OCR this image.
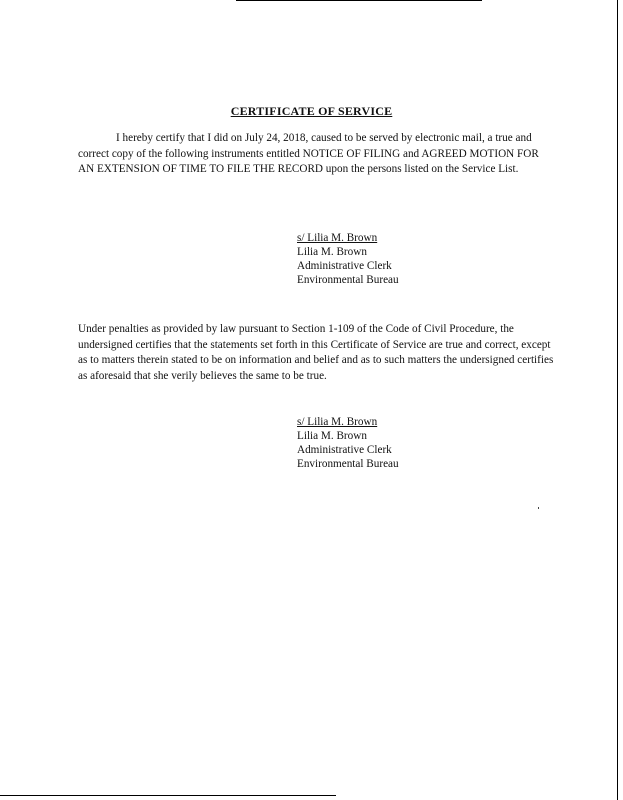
CERTIFICATE OF SERVICE

I hereby certify that I did on July 24, 2018, caused to be served by electronic mail, a true and correct copy of the following instruments entitled NOTICE OF FILING and AGREED MOTION FOR AN EXTENSION OF TIME TO FILE THE RECORD upon the persons listed on the Service List.

s/ Lilia M. Brown
Lilia M. Brown
Administrative Clerk
Environmental Bureau

Under penalties as provided by law pursuant to Section 1-109 of the Code of Civil Procedure, the undersigned certifies that the statements set forth in this Certificate of Service are true and correct, except as to matters therein stated to be on information and belief and as to such matters the undersigned certifies as aforesaid that she verily believes the same to be true.

s/ Lilia M. Brown
Lilia M. Brown
Administrative Clerk
Environmental Bureau
